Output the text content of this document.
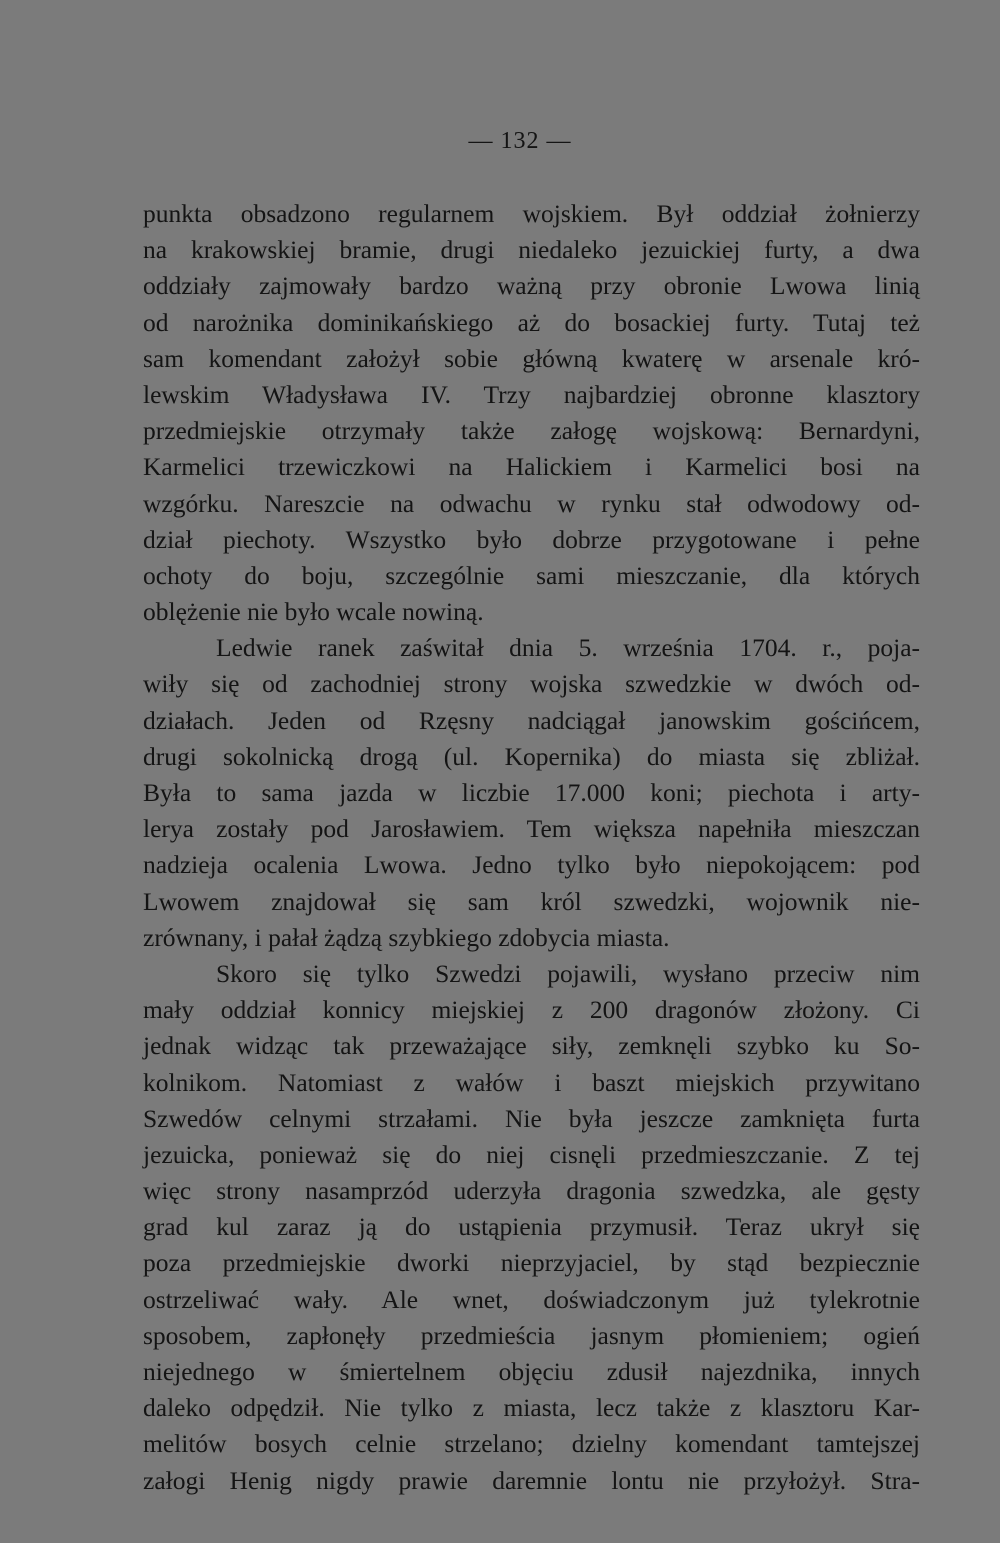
— 132 —
punkta obsadzono regularnem wojskiem. Był oddział żołnierzy
na krakowskiej bramie, drugi niedaleko jezuickiej furty, a dwa
oddziały zajmowały bardzo ważną przy obronie Lwowa linią
od narożnika dominikańskiego aż do bosackiej furty. Tutaj też
sam komendant założył sobie główną kwaterę w arsenale kró-
lewskim Władysława IV. Trzy najbardziej obronne klasztory
przedmiejskie otrzymały także załogę wojskową: Bernardyni,
Karmelici trzewiczkowi na Halickiem i Karmelici bosi na
wzgórku. Nareszcie na odwachu w rynku stał odwodowy od-
dział piechoty. Wszystko było dobrze przygotowane i pełne
ochoty do boju, szczególnie sami mieszczanie, dla których
oblężenie nie było wcale nowiną.
Ledwie ranek zaświtał dnia 5. września 1704. r., poja-
wiły się od zachodniej strony wojska szwedzkie w dwóch od-
działach. Jeden od Rzęsny nadciągał janowskim gościńcem,
drugi sokolnicką drogą (ul. Kopernika) do miasta się zbliżał.
Była to sama jazda w liczbie 17.000 koni; piechota i arty-
lerya zostały pod Jarosławiem. Tem większa napełniła mieszczan
nadzieja ocalenia Lwowa. Jedno tylko było niepokojącem: pod
Lwowem znajdował się sam król szwedzki, wojownik nie-
zrównany, i pałał żądzą szybkiego zdobycia miasta.
Skoro się tylko Szwedzi pojawili, wysłano przeciw nim
mały oddział konnicy miejskiej z 200 dragonów złożony. Ci
jednak widząc tak przeważające siły, zemknęli szybko ku So-
kolnikom. Natomiast z wałów i baszt miejskich przywitano
Szwedów celnymi strzałami. Nie była jeszcze zamknięta furta
jezuicka, ponieważ się do niej cisnęli przedmieszczanie. Z tej
więc strony nasamprzód uderzyła dragonia szwedzka, ale gęsty
grad kul zaraz ją do ustąpienia przymusił. Teraz ukrył się
poza przedmiejskie dworki nieprzyjaciel, by stąd bezpiecznie
ostrzeliwać wały. Ale wnet, doświadczonym już tylekrotnie
sposobem, zapłonęły przedmieścia jasnym płomieniem; ogień
niejednego w śmiertelnem objęciu zdusił najezdnika, innych
daleko odpędził. Nie tylko z miasta, lecz także z klasztoru Kar-
melitów bosych celnie strzelano; dzielny komendant tamtejszej
załogi Henig nigdy prawie daremnie lontu nie przyłożył. Stra-
